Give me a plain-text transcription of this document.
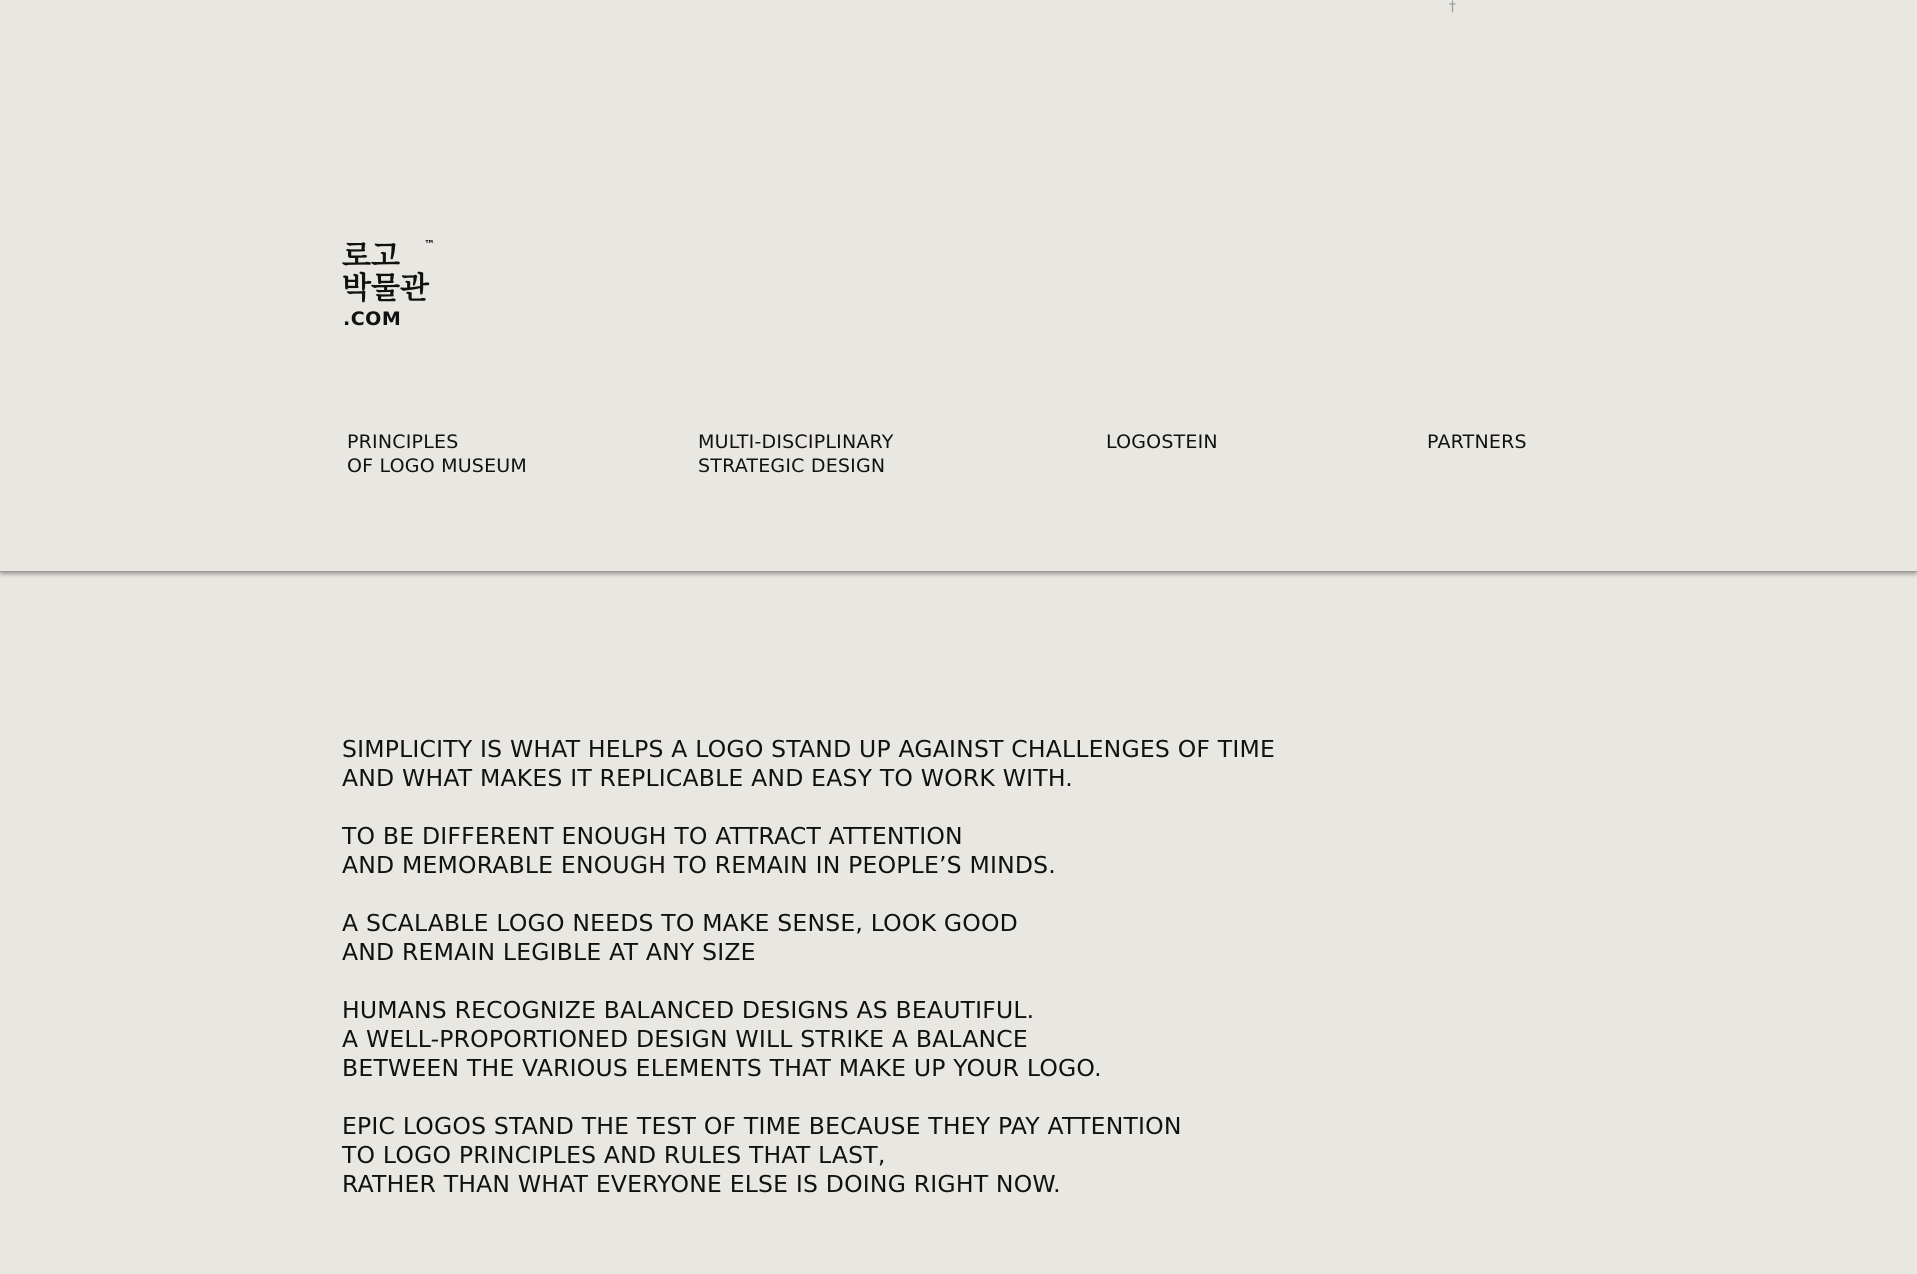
†
로고 ™
박물관
.COM
PRINCIPLES
OF LOGO MUSEUM
MULTI-DISCIPLINARY
STRATEGIC DESIGN
LOGOSTEIN	PARTNERS

SIMPLICITY IS WHAT HELPS A LOGO STAND UP AGAINST CHALLENGES OF TIME
AND WHAT MAKES IT REPLICABLE AND EASY TO WORK WITH.

TO BE DIFFERENT ENOUGH TO ATTRACT ATTENTION
AND MEMORABLE ENOUGH TO REMAIN IN PEOPLE’S MINDS.

A SCALABLE LOGO NEEDS TO MAKE SENSE, LOOK GOOD
AND REMAIN LEGIBLE AT ANY SIZE

HUMANS RECOGNIZE BALANCED DESIGNS AS BEAUTIFUL.
A WELL-PROPORTIONED DESIGN WILL STRIKE A BALANCE
BETWEEN THE VARIOUS ELEMENTS THAT MAKE UP YOUR LOGO.

EPIC LOGOS STAND THE TEST OF TIME BECAUSE THEY PAY ATTENTION
TO LOGO PRINCIPLES AND RULES THAT LAST,
RATHER THAN WHAT EVERYONE ELSE IS DOING RIGHT NOW.
